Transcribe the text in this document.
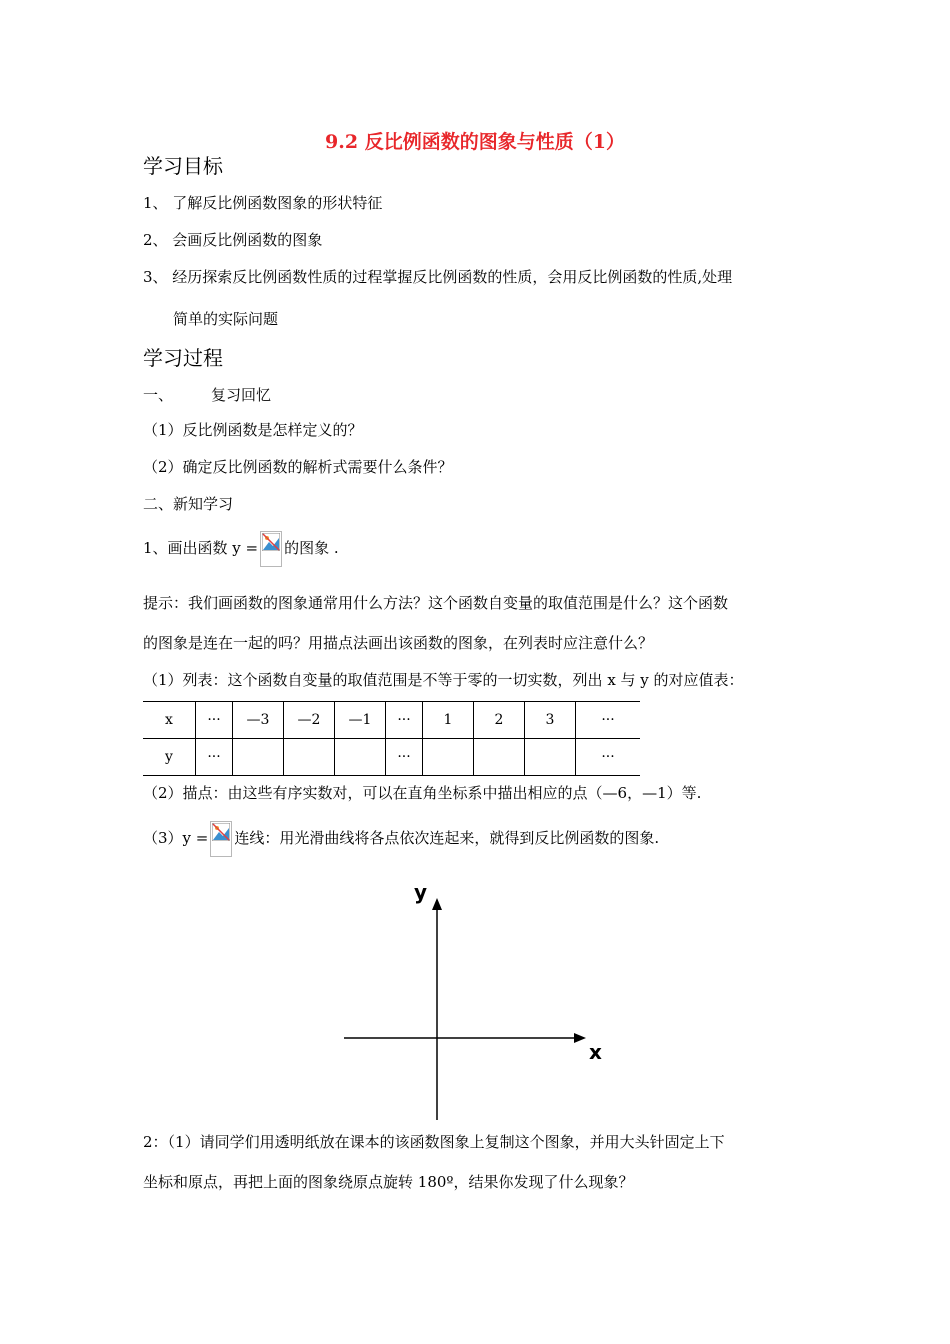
9.2 反比例函数的图象与性质（1）
学习目标
1、 了解反比例函数图象的形状特征
2、 会画反比例函数的图象
3、 经历探索反比例函数性质的过程掌握反比例函数的性质，会用反比例函数的性质,处理
简单的实际问题
学习过程
一、	复习回忆
（1）反比例函数是怎样定义的？
（2）确定反比例函数的解析式需要什么条件？
二、新知学习
1、画出函数 y = 的图象 .
提示：我们画函数的图象通常用什么方法？这个函数自变量的取值范围是什么？这个函数
的图象是连在一起的吗？用描点法画出该函数的图象，在列表时应注意什么？
（1）列表：这个函数自变量的取值范围是不等于零的一切实数，列出 x 与 y 的对应值表：
x	···	—3	—2	—1	···	1	2	3	···
y	···				···				···
（2）描点：由这些有序实数对，可以在直角坐标系中描出相应的点（—6，—1）等.
（3）y = 连线：用光滑曲线将各点依次连起来，就得到反比例函数的图象.
y
x
2：（1）请同学们用透明纸放在课本的该函数图象上复制这个图象，并用大头针固定上下
坐标和原点，再把上面的图象绕原点旋转 180º，结果你发现了什么现象？
